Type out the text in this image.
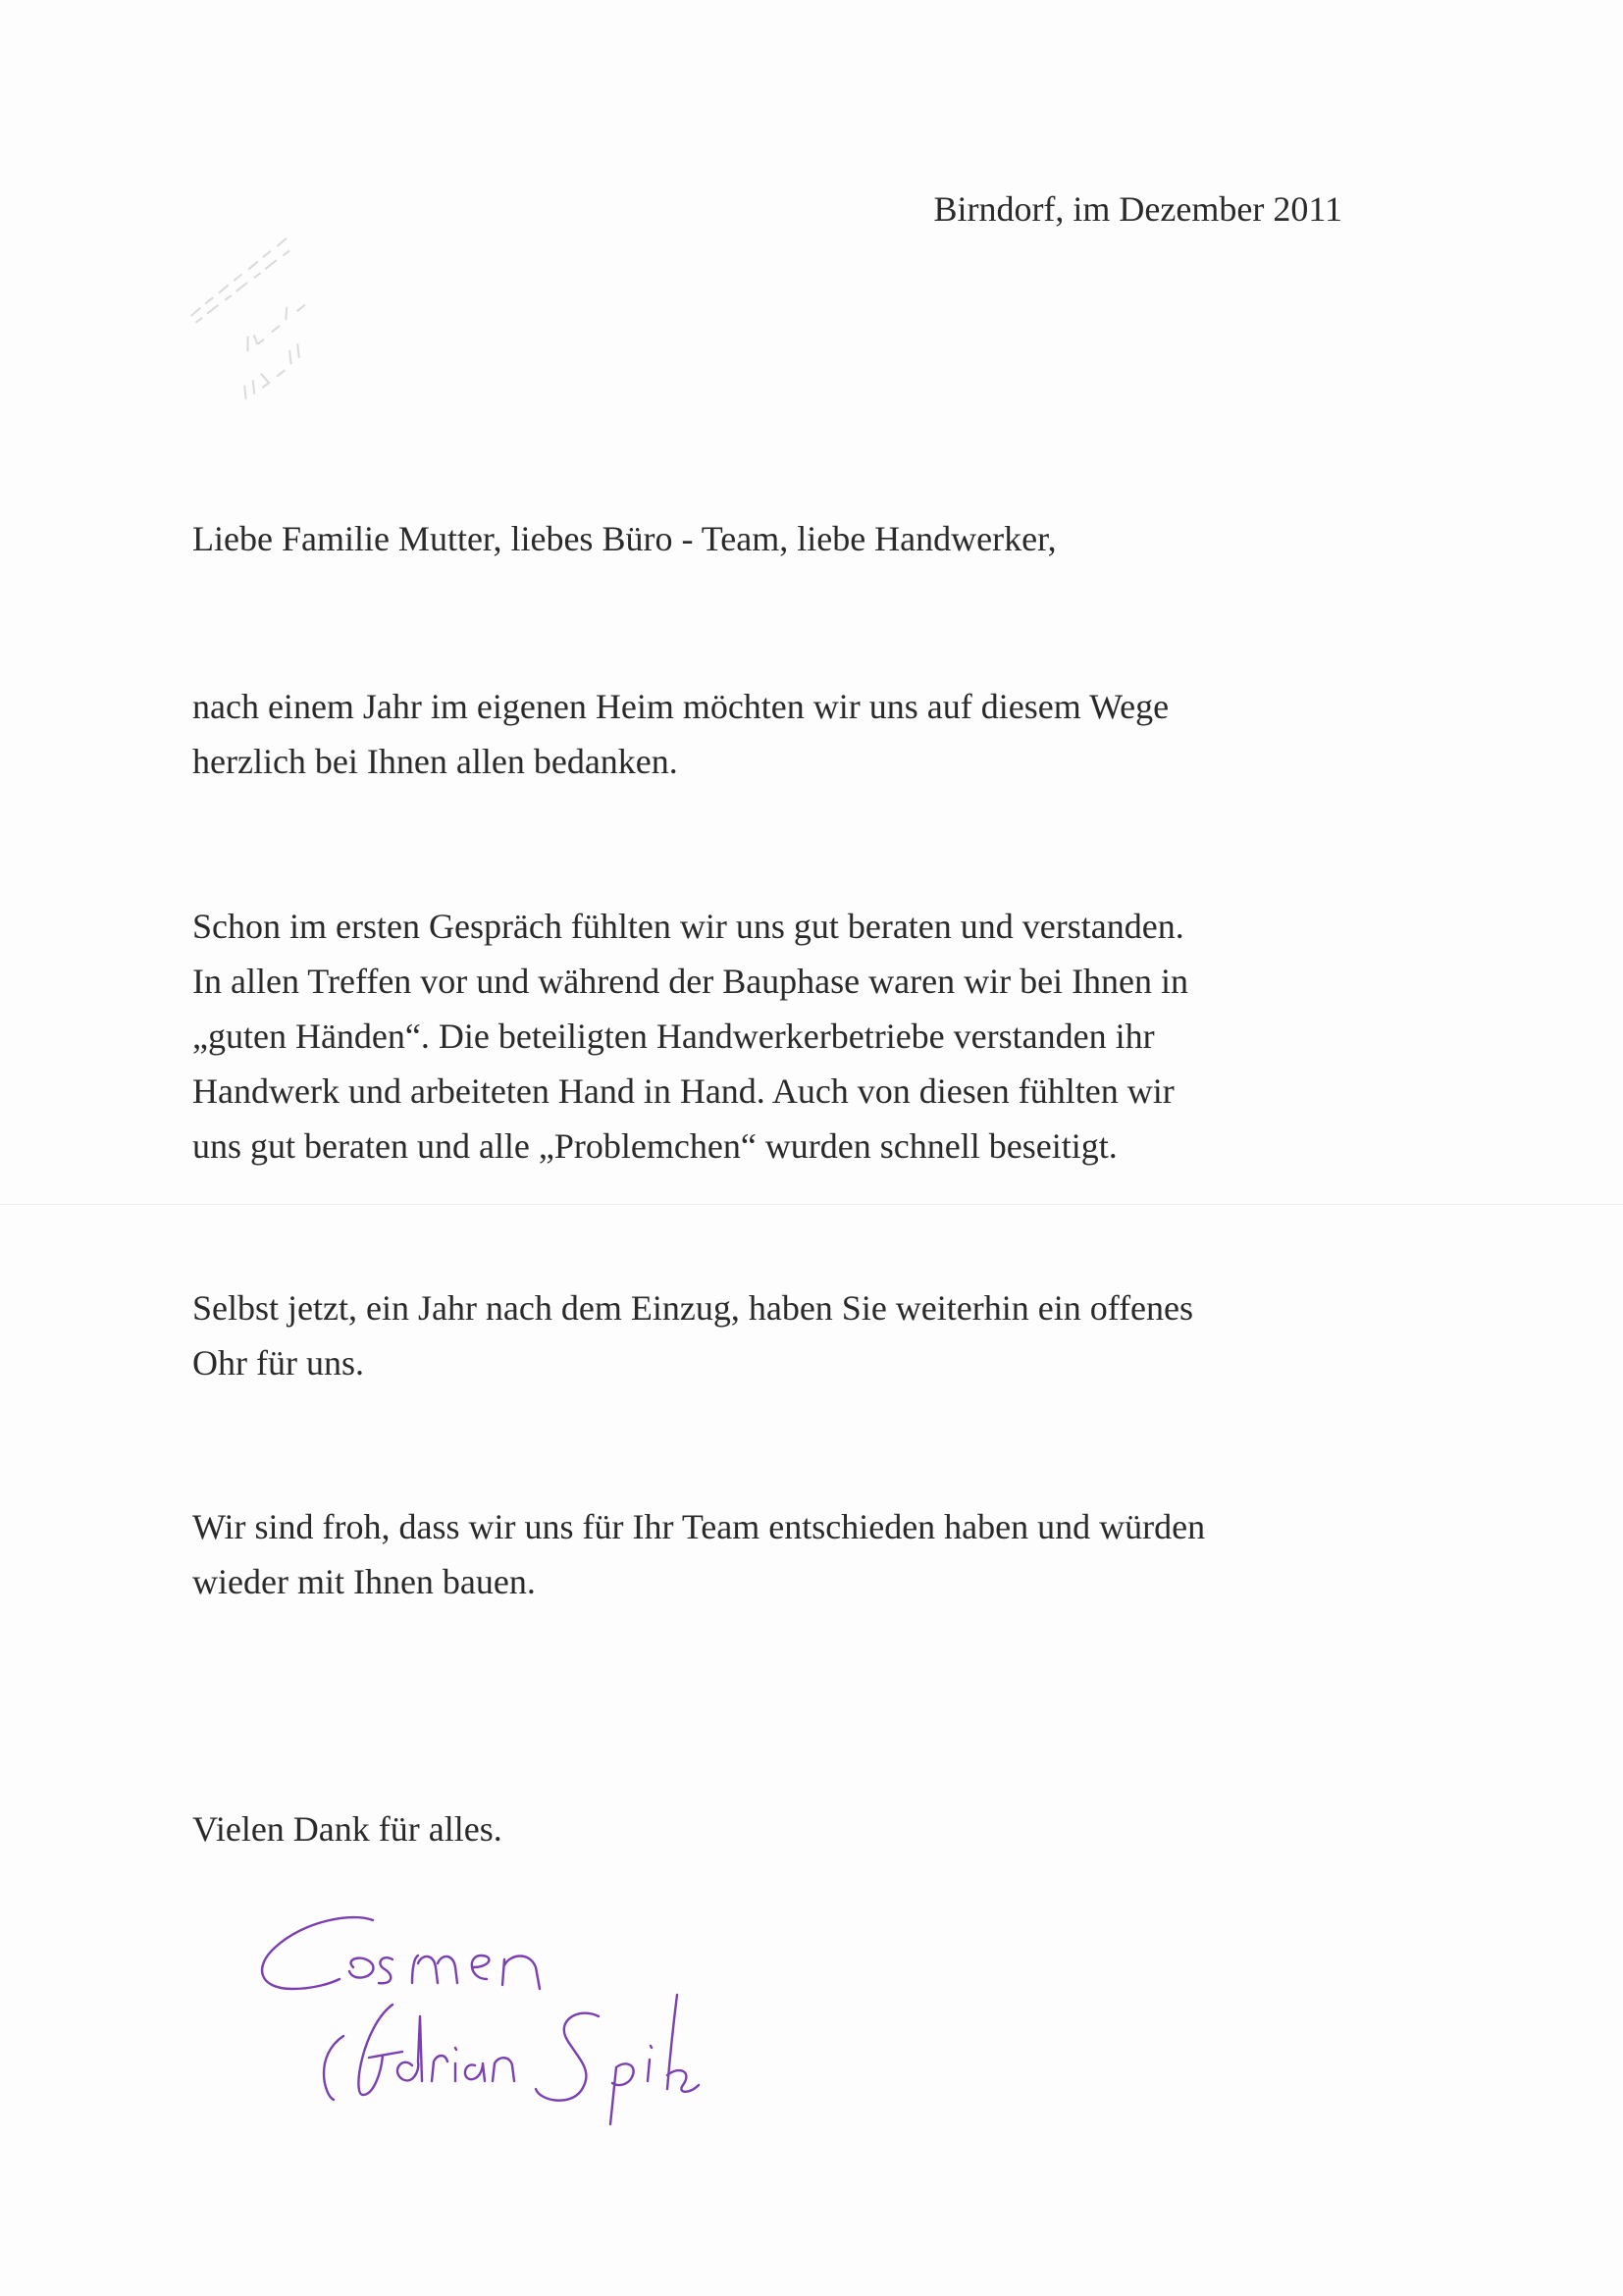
Birndorf, im Dezember 2011
Liebe Familie Mutter, liebes Büro - Team, liebe Handwerker,
nach einem Jahr im eigenen Heim möchten wir uns auf diesem Wege
herzlich bei Ihnen allen bedanken.
Schon im ersten Gespräch fühlten wir uns gut beraten und verstanden.
In allen Treffen vor und während der Bauphase waren wir bei Ihnen in
„guten Händen“. Die beteiligten Handwerkerbetriebe verstanden ihr
Handwerk und arbeiteten Hand in Hand. Auch von diesen fühlten wir
uns gut beraten und alle „Problemchen“ wurden schnell beseitigt.
Selbst jetzt, ein Jahr nach dem Einzug, haben Sie weiterhin ein offenes
Ohr für uns.
Wir sind froh, dass wir uns für Ihr Team entschieden haben und würden
wieder mit Ihnen bauen.
Vielen Dank für alles.
